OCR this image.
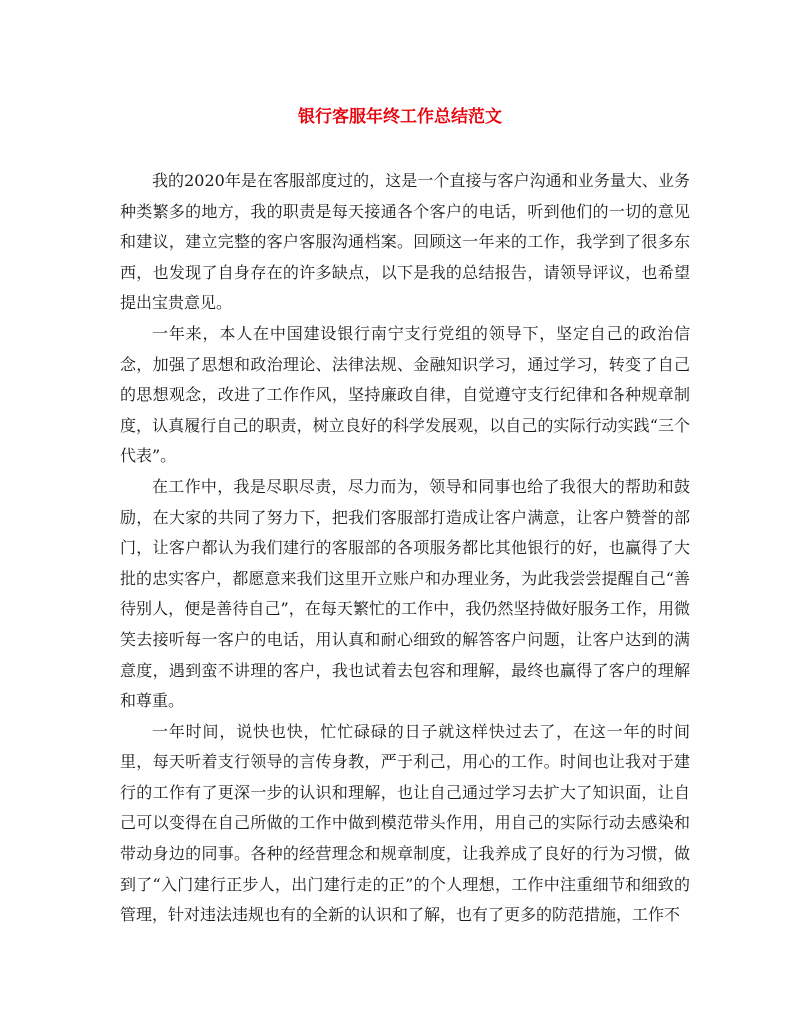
银行客服年终工作总结范文

我的2020年是在客服部度过的，这是一个直接与客户沟通和业务量大、业务种类繁多的地方，我的职责是每天接通各个客户的电话，听到他们的一切的意见和建议，建立完整的客户客服沟通档案。回顾这一年来的工作，我学到了很多东西，也发现了自身存在的许多缺点，以下是我的总结报告，请领导评议，也希望提出宝贵意见。

一年来，本人在中国建设银行南宁支行党组的领导下，坚定自己的政治信念，加强了思想和政治理论、法律法规、金融知识学习，通过学习，转变了自己的思想观念，改进了工作作风，坚持廉政自律，自觉遵守支行纪律和各种规章制度，认真履行自己的职责，树立良好的科学发展观，以自己的实际行动实践“三个代表”。

在工作中，我是尽职尽责，尽力而为，领导和同事也给了我很大的帮助和鼓励，在大家的共同了努力下，把我们客服部打造成让客户满意，让客户赞誉的部门，让客户都认为我们建行的客服部的各项服务都比其他银行的好，也赢得了大批的忠实客户，都愿意来我们这里开立账户和办理业务，为此我尝尝提醒自己“善待别人，便是善待自己”，在每天繁忙的工作中，我仍然坚持做好服务工作，用微笑去接听每一客户的电话，用认真和耐心细致的解答客户问题，让客户达到的满意度，遇到蛮不讲理的客户，我也试着去包容和理解，最终也赢得了客户的理解和尊重。

一年时间，说快也快，忙忙碌碌的日子就这样快过去了，在这一年的时间里，每天听着支行领导的言传身教，严于利己，用心的工作。时间也让我对于建行的工作有了更深一步的认识和理解，也让自己通过学习去扩大了知识面，让自己可以变得在自己所做的工作中做到模范带头作用，用自己的实际行动去感染和带动身边的同事。各种的经营理念和规章制度，让我养成了良好的行为习惯，做到了“入门建行正步人，出门建行走的正”的个人理想，工作中注重细节和细致的管理，针对违法违规也有的全新的认识和了解，也有了更多的防范措施，工作不
